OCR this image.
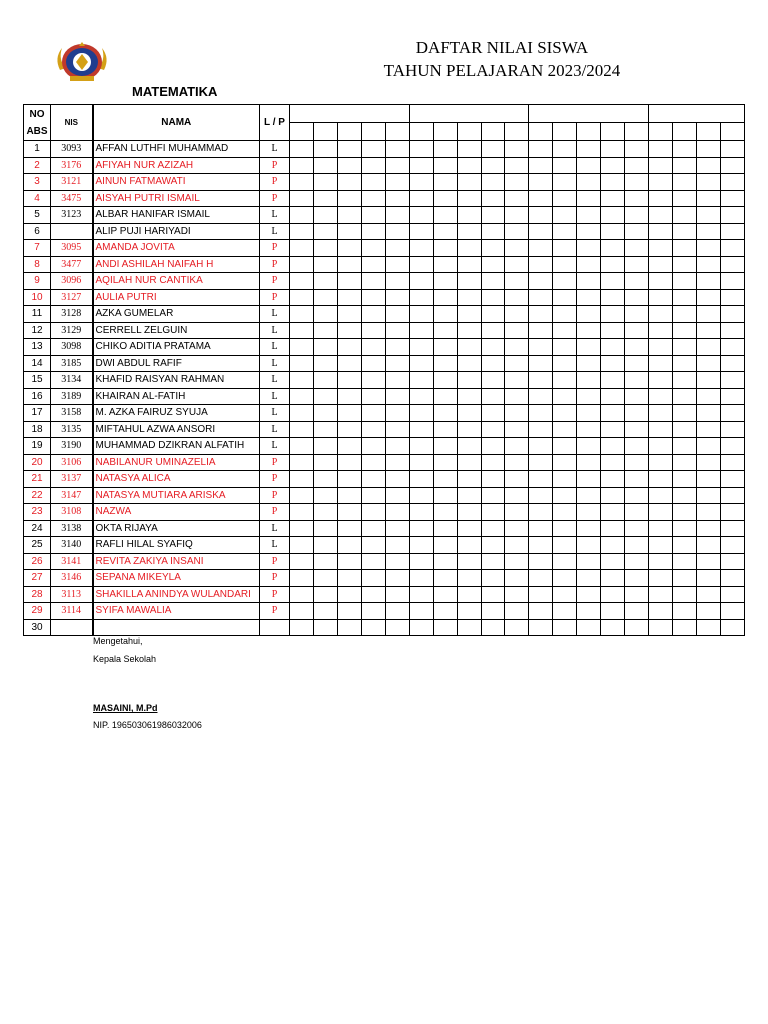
DAFTAR NILAI SISWA
TAHUN PELAJARAN 2023/2024
MATEMATIKA
NO
ABS	NIS	NAMA	L / P																			

1	3093	AFFAN LUTHFI MUHAMMAD	L																			
2	3176	AFIYAH NUR AZIZAH	P																			
3	3121	AINUN FATMAWATI	P																			
4	3475	AISYAH PUTRI ISMAIL	P																			
5	3123	ALBAR HANIFAR ISMAIL	L																			
6		ALIP PUJI HARIYADI	L																			
7	3095	AMANDA JOVITA	P																			
8	3477	ANDI ASHILAH NAIFAH H	P																			
9	3096	AQILAH NUR CANTIKA	P																			
10	3127	AULIA PUTRI	P																			
11	3128	AZKA GUMELAR	L																			
12	3129	CERRELL ZELGUIN	L																			
13	3098	CHIKO ADITIA PRATAMA	L																			
14	3185	DWI ABDUL RAFIF	L																			
15	3134	KHAFID RAISYAN RAHMAN	L																			
16	3189	KHAIRAN AL-FATIH	L																			
17	3158	M. AZKA FAIRUZ SYUJA	L																			
18	3135	MIFTAHUL AZWA ANSORI	L																			
19	3190	MUHAMMAD DZIKRAN ALFATIH	L																			
20	3106	NABILANUR UMINAZELIA	P																			
21	3137	NATASYA ALICA	P																			
22	3147	NATASYA MUTIARA ARISKA	P																			
23	3108	NAZWA	P																			
24	3138	OKTA RIJAYA	L																			
25	3140	RAFLI HILAL SYAFIQ	L																			
26	3141	REVITA ZAKIYA INSANI	P																			
27	3146	SEPANA MIKEYLA	P																			
28	3113	SHAKILLA ANINDYA WULANDARI	P																			
29	3114	SYIFA MAWALIA	P																			
30																						
Mengetahui,
Kepala Sekolah
MASAINI, M.Pd
NIP. 196503061986032006
